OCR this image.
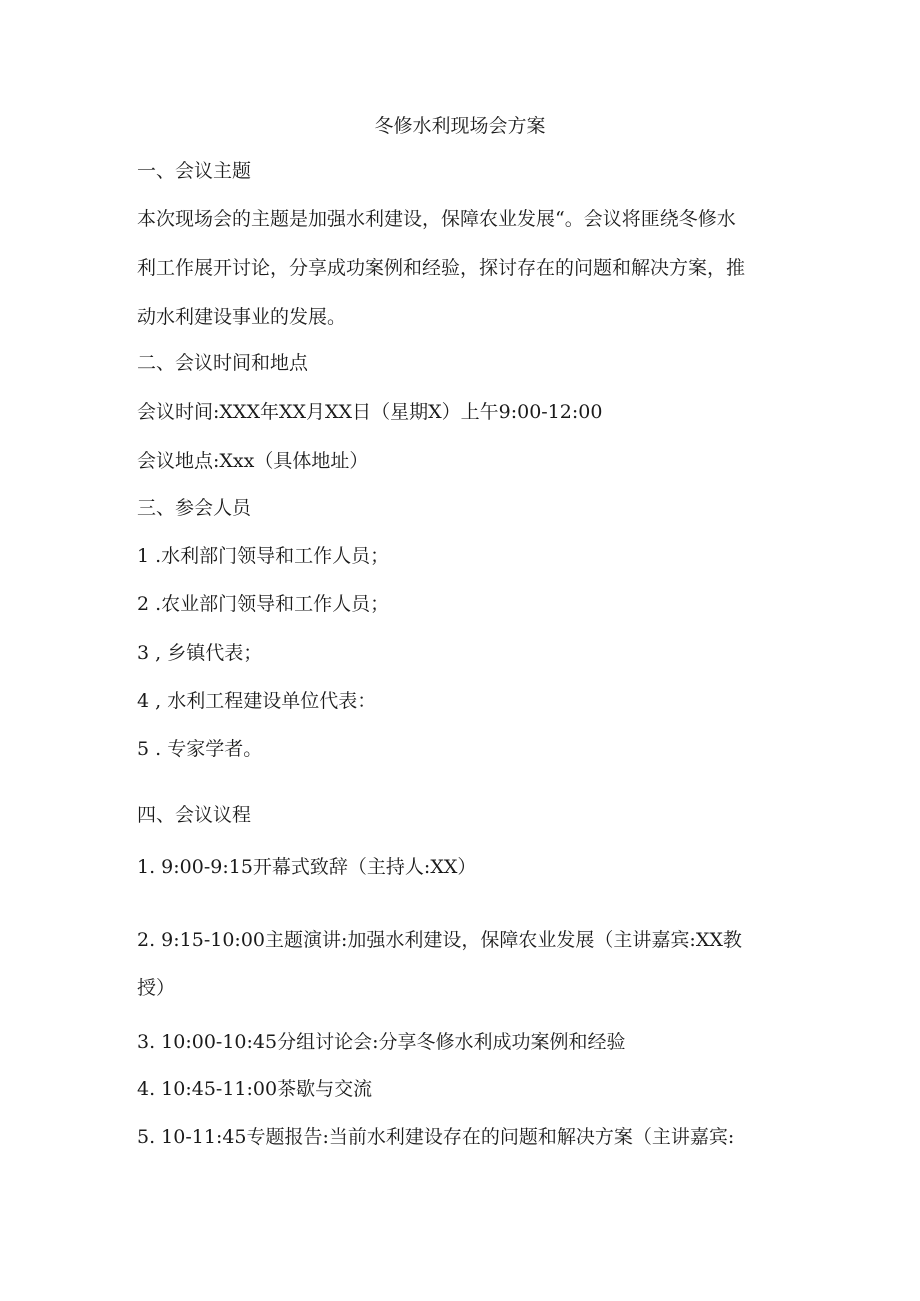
冬修水利现场会方案
一、会议主题
本次现场会的主题是加强水利建设，保障农业发展“。会议将匪绕冬修水
利工作展开讨论，分享成功案例和经验，探讨存在的问题和解决方案，推
动水利建设事业的发展。
二、会议时间和地点
会议时间:XXX年XX月XX日（星期X）上午9:00-12:00
会议地点:Xxx（具体地址）
三、参会人员
1 .水利部门领导和工作人员；
2 .农业部门领导和工作人员；
3 , 乡镇代表；
4 , 水利工程建设单位代表：
5 . 专家学者。
四、会议议程
1. 9:00-9:15开幕式致辞（主持人:XX）
2. 9:15-10:00主题演讲:加强水利建设，保障农业发展（主讲嘉宾:XX教
授）
3. 10:00-10:45分组讨论会:分享冬修水利成功案例和经验
4. 10:45-11:00茶歇与交流
5. 10-11:45专题报告:当前水利建设存在的问题和解决方案（主讲嘉宾:
